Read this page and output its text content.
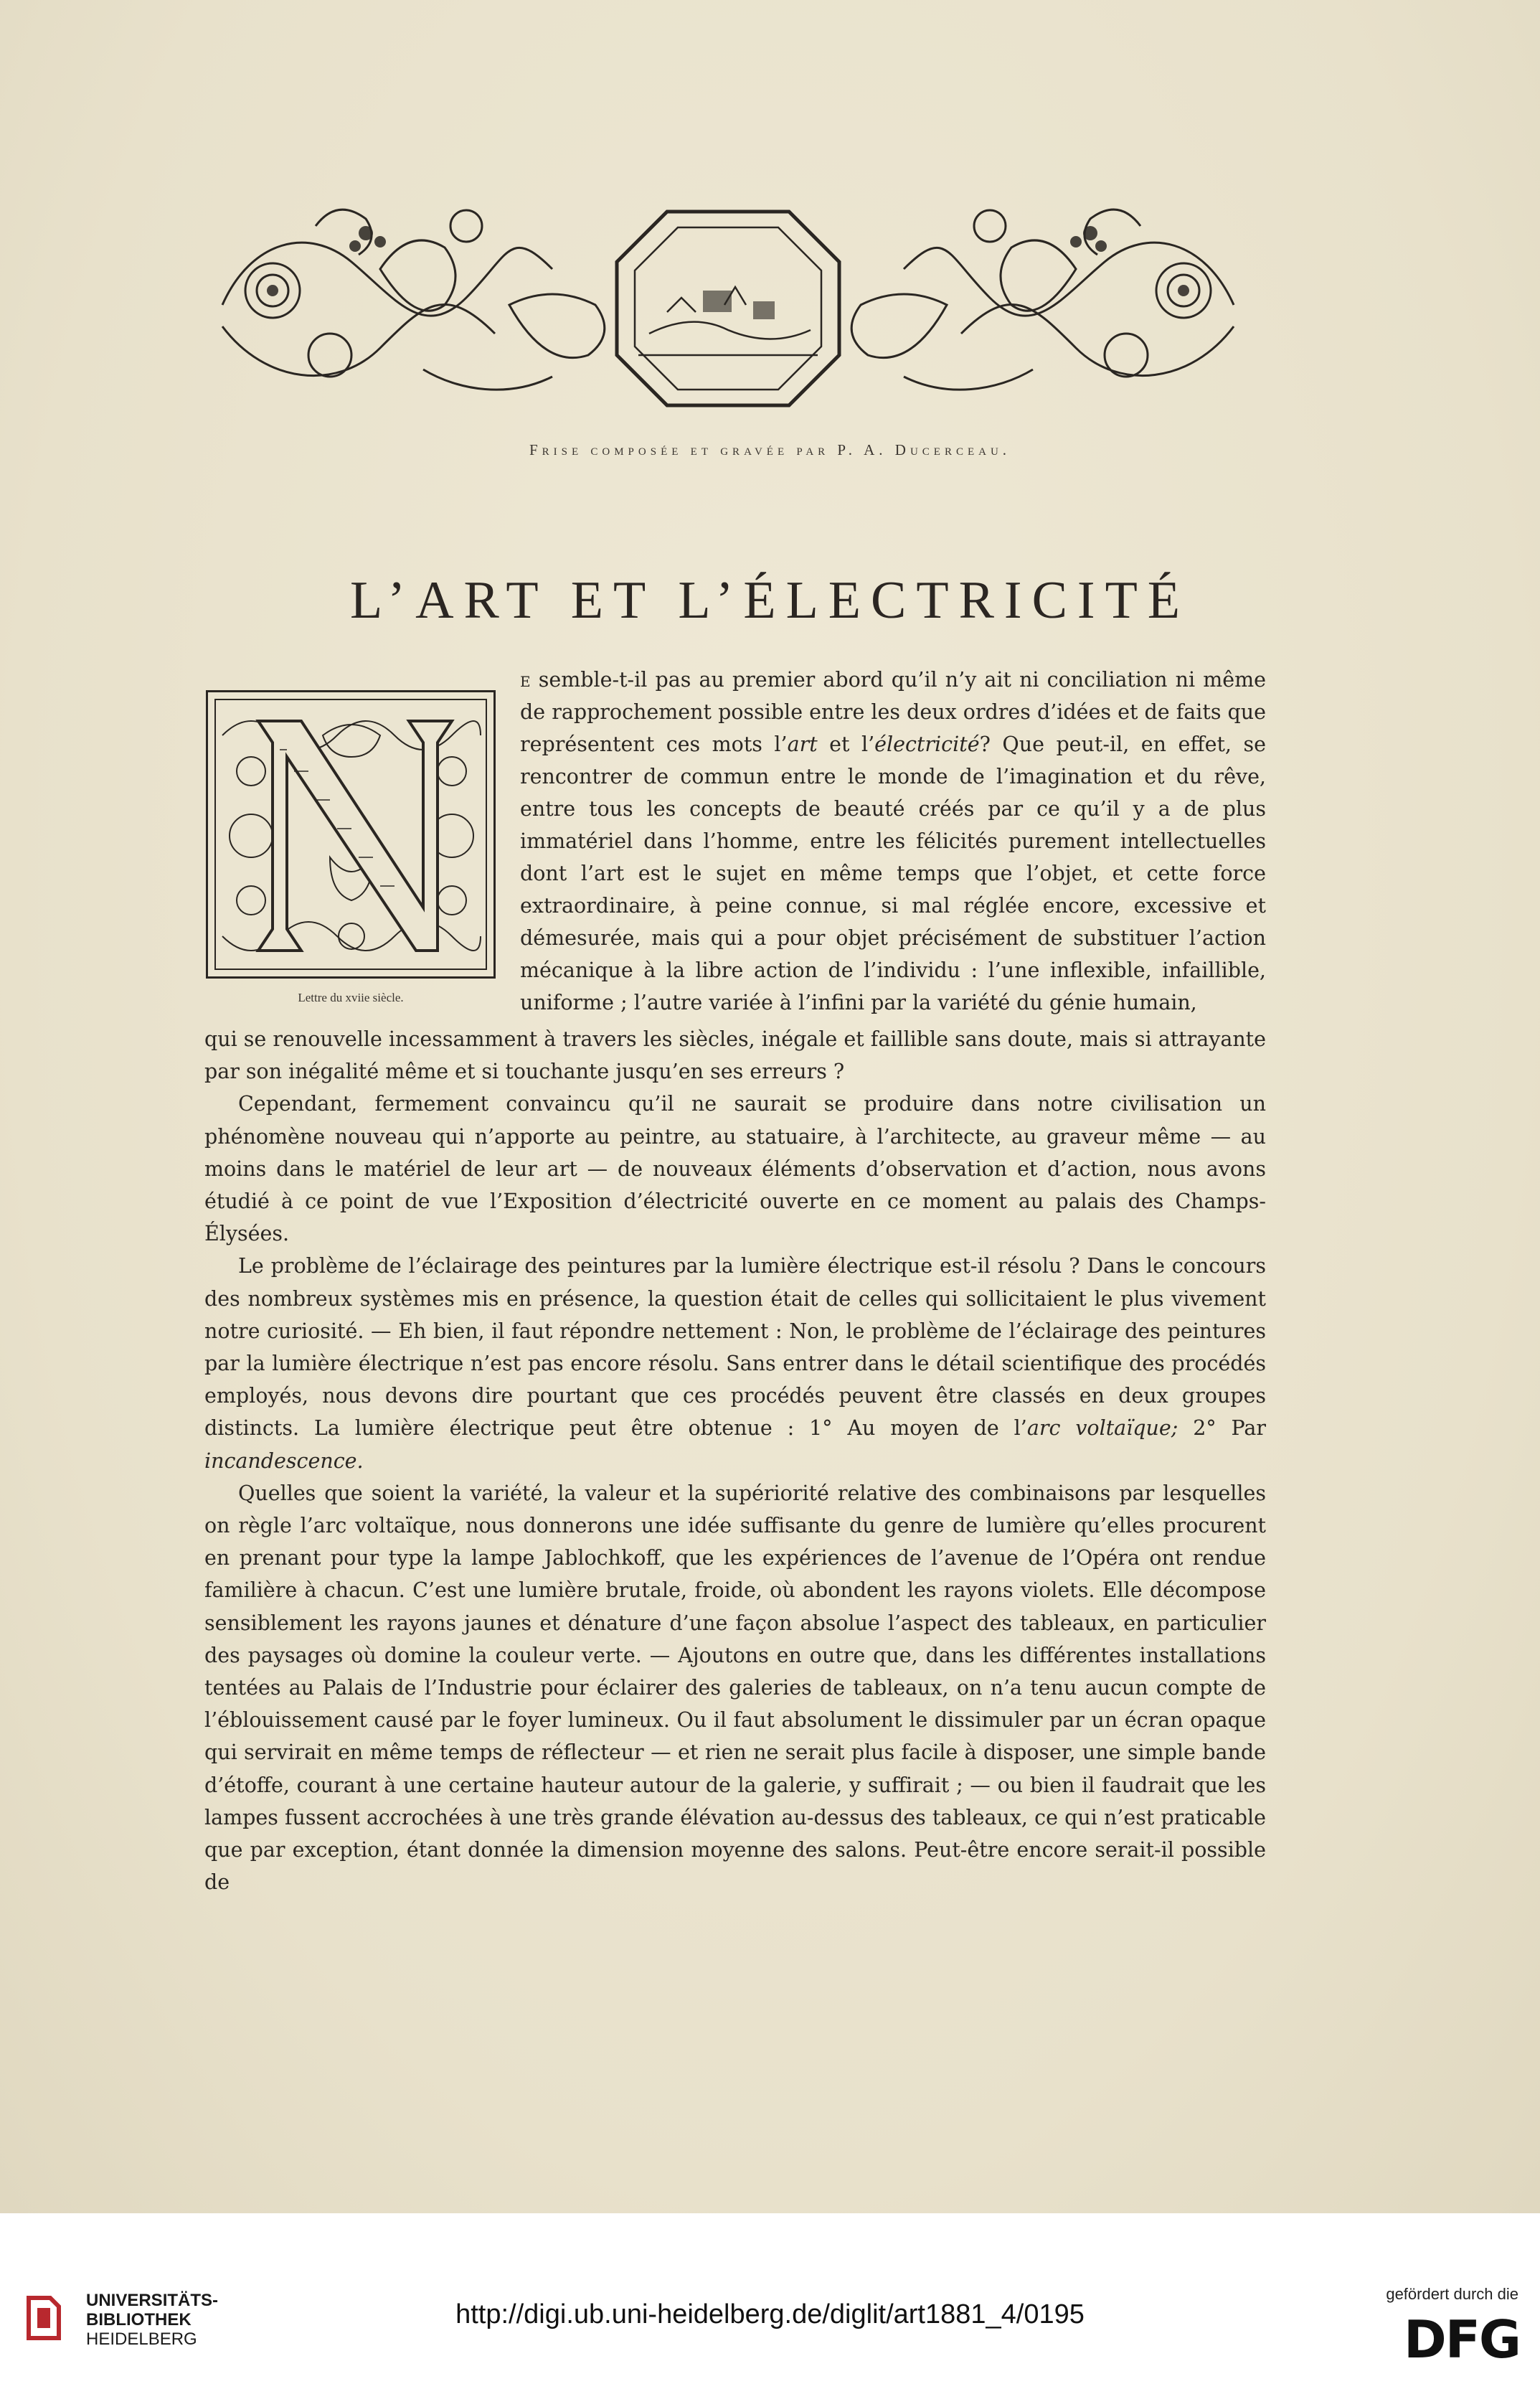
Frise composée et gravée par P. A. Ducerceau.
L’ART ET L’ÉLECTRICITÉ
Lettre du xviie siècle.

e semble-t-il pas au premier abord qu’il n’y ait ni conciliation ni même de rapprochement possible entre les deux ordres d’idées et de faits que représentent ces mots l’art et l’électricité? Que peut-il, en effet, se rencontrer de commun entre le monde de l’imagination et du rêve, entre tous les concepts de beauté créés par ce qu’il y a de plus immatériel dans l’homme, entre les félicités purement intellectuelles dont l’art est le sujet en même temps que l’objet, et cette force extraordinaire, à peine connue, si mal réglée encore, excessive et démesurée, mais qui a pour objet précisément de substituer l’action mécanique à la libre action de l’individu : l’une inflexible, infaillible, uniforme ; l’autre variée à l’infini par la variété du génie humain,

qui se renouvelle incessamment à travers les siècles, inégale et faillible sans doute, mais si attrayante par son inégalité même et si touchante jusqu’en ses erreurs ?

Cependant, fermement convaincu qu’il ne saurait se produire dans notre civilisation un phénomène nouveau qui n’apporte au peintre, au statuaire, à l’architecte, au graveur même — au moins dans le matériel de leur art — de nouveaux éléments d’observation et d’action, nous avons étudié à ce point de vue l’Exposition d’électricité ouverte en ce moment au palais des Champs-Élysées.

Le problème de l’éclairage des peintures par la lumière électrique est-il résolu ? Dans le concours des nombreux systèmes mis en présence, la question était de celles qui sollicitaient le plus vivement notre curiosité. — Eh bien, il faut répondre nettement : Non, le problème de l’éclairage des peintures par la lumière électrique n’est pas encore résolu. Sans entrer dans le détail scientifique des procédés employés, nous devons dire pourtant que ces procédés peuvent être classés en deux groupes distincts. La lumière électrique peut être obtenue : 1° Au moyen de l’arc voltaïque; 2° Par incandescence.

Quelles que soient la variété, la valeur et la supériorité relative des combinaisons par lesquelles on règle l’arc voltaïque, nous donnerons une idée suffisante du genre de lumière qu’elles procurent en prenant pour type la lampe Jablochkoff, que les expériences de l’avenue de l’Opéra ont rendue familière à chacun. C’est une lumière brutale, froide, où abondent les rayons violets. Elle décompose sensiblement les rayons jaunes et dénature d’une façon absolue l’aspect des tableaux, en particulier des paysages où domine la couleur verte. — Ajoutons en outre que, dans les différentes installations tentées au Palais de l’Industrie pour éclairer des galeries de tableaux, on n’a tenu aucun compte de l’éblouissement causé par le foyer lumineux. Ou il faut absolument le dissimuler par un écran opaque qui servirait en même temps de réflecteur — et rien ne serait plus facile à disposer, une simple bande d’étoffe, courant à une certaine hauteur autour de la galerie, y suffirait ; — ou bien il faudrait que les lampes fussent accrochées à une très grande élévation au-dessus des tableaux, ce qui n’est praticable que par exception, étant donnée la dimension moyenne des salons. Peut-être encore serait-il possible de

UNIVERSITÄTS-
BIBLIOTHEK
HEIDELBERG
http://digi.ub.uni-heidelberg.de/diglit/art1881_4/0195
gefördert durch die
DFG
